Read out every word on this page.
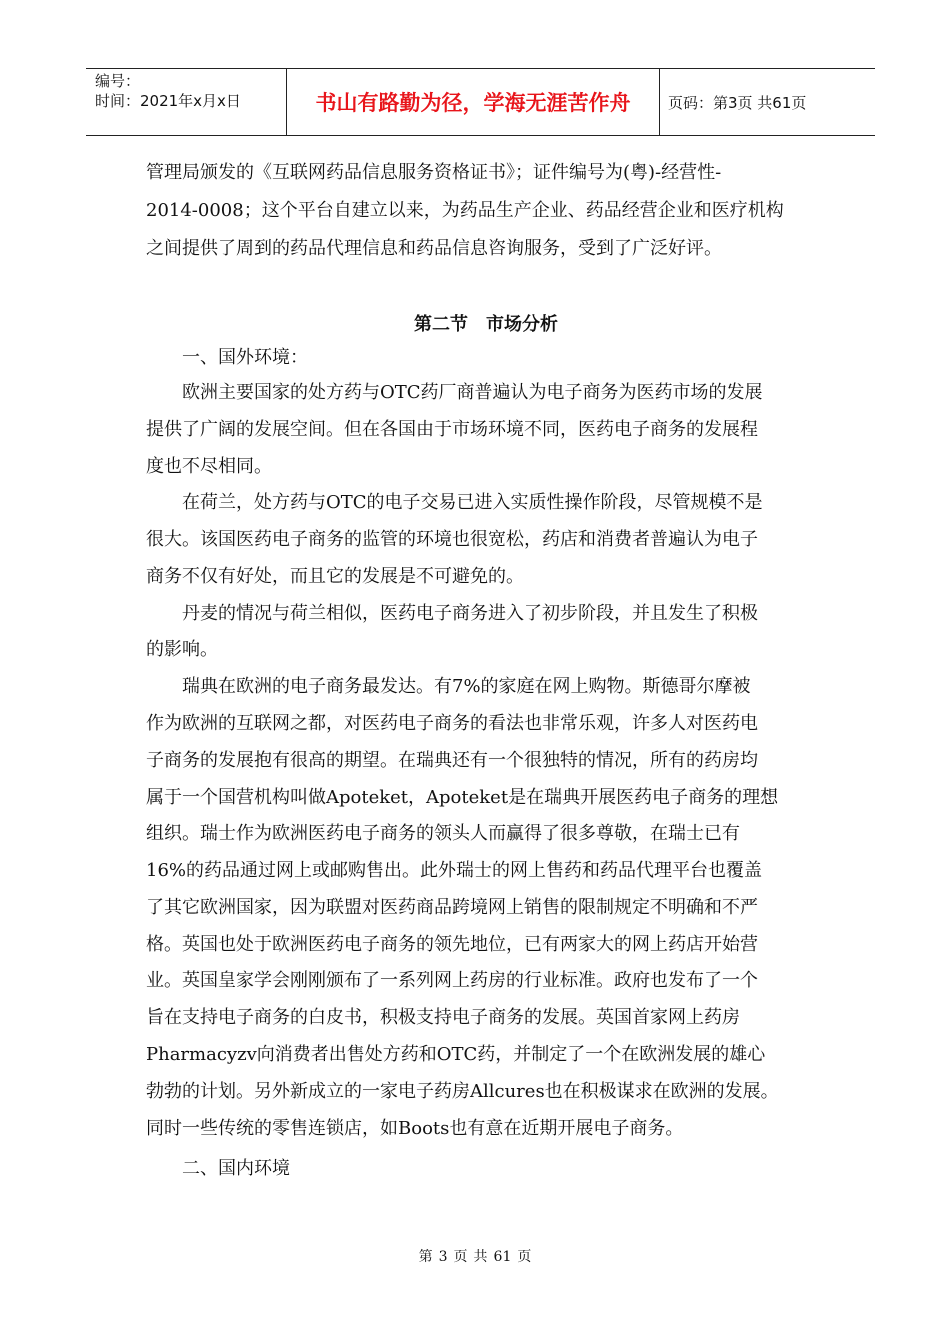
编号：
时间：2021年x月x日	书山有路勤为径，学海无涯苦作舟	页码：第3页 共61页
管理局颁发的《互联网药品信息服务资格证书》；证件编号为(粤)-经营性-
2014-0008；这个平台自建立以来，为药品生产企业、药品经营企业和医疗机构
之间提供了周到的药品代理信息和药品信息咨询服务，受到了广泛好评。
第二节　市场分析
一、国外环境：
欧洲主要国家的处方药与OTC药厂商普遍认为电子商务为医药市场的发展
提供了广阔的发展空间。但在各国由于市场环境不同，医药电子商务的发展程
度也不尽相同。
在荷兰，处方药与OTC的电子交易已进入实质性操作阶段，尽管规模不是
很大。该国医药电子商务的监管的环境也很宽松，药店和消费者普遍认为电子
商务不仅有好处，而且它的发展是不可避免的。
丹麦的情况与荷兰相似，医药电子商务进入了初步阶段，并且发生了积极
的影响。
瑞典在欧洲的电子商务最发达。有7%的家庭在网上购物。斯德哥尔摩被
作为欧洲的互联网之都，对医药电子商务的看法也非常乐观，许多人对医药电
子商务的发展抱有很高的期望。在瑞典还有一个很独特的情况，所有的药房均
属于一个国营机构叫做Apoteket，Apoteket是在瑞典开展医药电子商务的理想
组织。瑞士作为欧洲医药电子商务的领头人而赢得了很多尊敬，在瑞士已有
16%的药品通过网上或邮购售出。此外瑞士的网上售药和药品代理平台也覆盖
了其它欧洲国家，因为联盟对医药商品跨境网上销售的限制规定不明确和不严
格。英国也处于欧洲医药电子商务的领先地位，已有两家大的网上药店开始营
业。英国皇家学会刚刚颁布了一系列网上药房的行业标准。政府也发布了一个
旨在支持电子商务的白皮书，积极支持电子商务的发展。英国首家网上药房
Pharmacyzv向消费者出售处方药和OTC药，并制定了一个在欧洲发展的雄心
勃勃的计划。另外新成立的一家电子药房Allcures也在积极谋求在欧洲的发展。
同时一些传统的零售连锁店，如Boots也有意在近期开展电子商务。
二、国内环境
第 3 页 共 61 页
